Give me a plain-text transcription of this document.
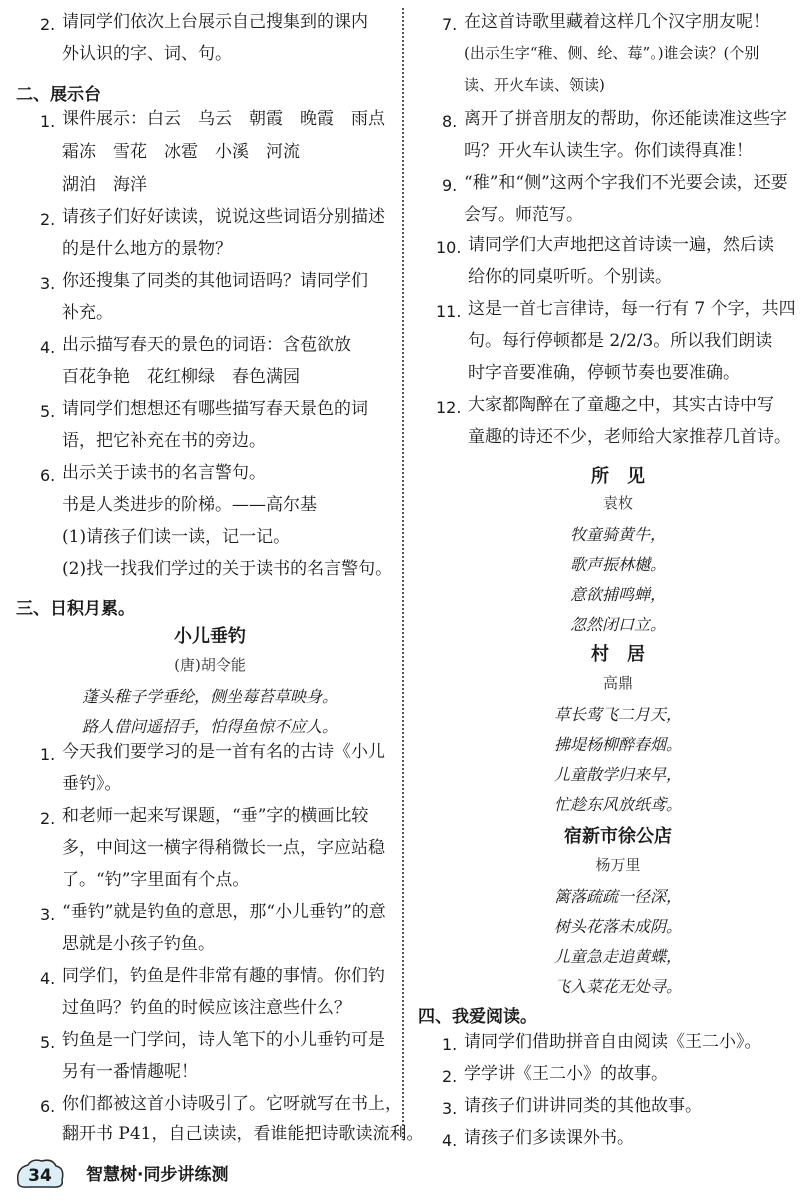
2. 请同学们依次上台展示自己搜集到的课内
外认识的字、词、句。
二、展示台
1. 课件展示：白云　乌云　朝霞　晚霞　雨点
霜冻　雪花　冰雹　小溪　河流
湖泊　海洋
2. 请孩子们好好读读，说说这些词语分别描述
的是什么地方的景物？
3. 你还搜集了同类的其他词语吗？请同学们
补充。
4. 出示描写春天的景色的词语：含苞欲放
百花争艳　花红柳绿　春色满园
5. 请同学们想想还有哪些描写春天景色的词
语，把它补充在书的旁边。
6. 出示关于读书的名言警句。
书是人类进步的阶梯。——高尔基
(1)请孩子们读一读，记一记。
(2)找一找我们学过的关于读书的名言警句。
三、日积月累。
小儿垂钓
(唐)胡令能
蓬头稚子学垂纶，侧坐莓苔草映身。
路人借问遥招手，怕得鱼惊不应人。
1. 今天我们要学习的是一首有名的古诗《小儿
垂钓》。
2. 和老师一起来写课题，“垂”字的横画比较
多，中间这一横字得稍微长一点，字应站稳
了。“钓”字里面有个点。
3. “垂钓”就是钓鱼的意思，那“小儿垂钓”的意
思就是小孩子钓鱼。
4. 同学们，钓鱼是件非常有趣的事情。你们钓
过鱼吗？钓鱼的时候应该注意些什么？
5. 钓鱼是一门学问，诗人笔下的小儿垂钓可是
另有一番情趣呢！
6. 你们都被这首小诗吸引了。它呀就写在书上，
翻开书 P41，自己读读，看谁能把诗歌读流利。
7. 在这首诗歌里藏着这样几个汉字朋友呢！
(出示生字“稚、侧、纶、莓”。)谁会读？(个别
读、开火车读、领读)
8. 离开了拼音朋友的帮助，你还能读准这些字
吗？开火车认读生字。你们读得真准！
9. “稚”和“侧”这两个字我们不光要会读，还要
会写。师范写。
10. 请同学们大声地把这首诗读一遍，然后读
给你的同桌听听。个别读。
11. 这是一首七言律诗，每一行有 7 个字，共四
句。每行停顿都是 2/2/3。所以我们朗读
时字音要准确，停顿节奏也要准确。
12. 大家都陶醉在了童趣之中，其实古诗中写
童趣的诗还不少，老师给大家推荐几首诗。
所　见
袁枚
牧童骑黄牛，
歌声振林樾。
意欲捕鸣蝉，
忽然闭口立。
村　居
高鼎
草长莺飞二月天，
拂堤杨柳醉春烟。
儿童散学归来早，
忙趁东风放纸鸢。
宿新市徐公店
杨万里
篱落疏疏一径深，
树头花落未成阴。
儿童急走追黄蝶，
飞入菜花无处寻。
四、我爱阅读。
1. 请同学们借助拼音自由阅读《王二小》。
2. 学学讲《王二小》的故事。
3. 请孩子们讲讲同类的其他故事。
4. 请孩子们多读课外书。
34 智慧树·同步讲练测
